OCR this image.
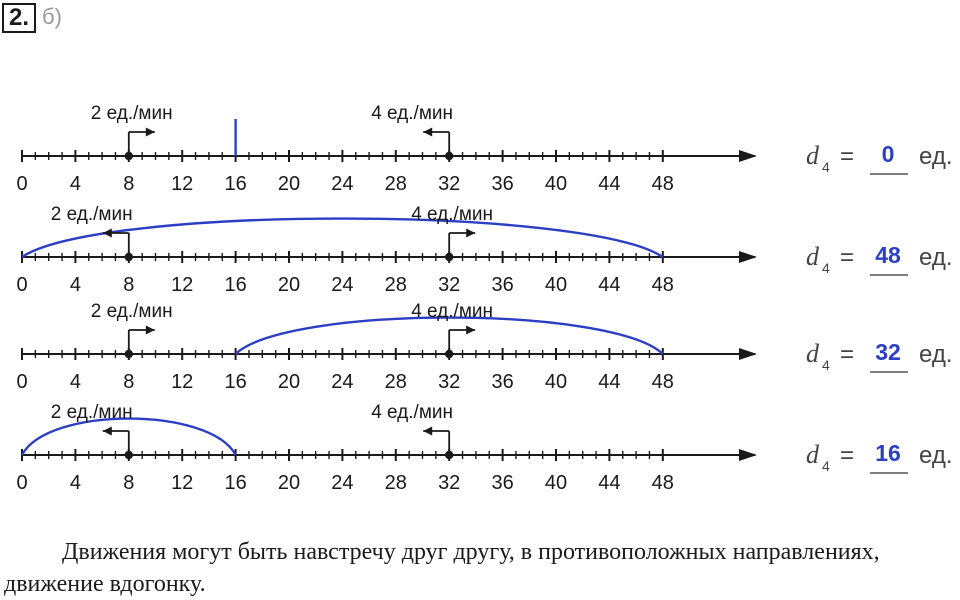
2. б)
0 4 8 12 16 20 24 28 32 36 40 44 48
2 ед./мин	4 ед./мин
d 4 = 0 ед.
0 4 8 12 16 20 24 28 32 36 40 44 48
2 ед./мин	4 ед./мин
d 4 = 48 ед.
0 4 8 12 16 20 24 28 32 36 40 44 48
2 ед./мин	4 ед./мин
d 4 = 32 ед.
0 4 8 12 16 20 24 28 32 36 40 44 48
2 ед./мин	4 ед./мин
d 4 = 16 ед.
Движения могут быть навстречу друг другу, в противоположных направлениях, движение вдогонку.
